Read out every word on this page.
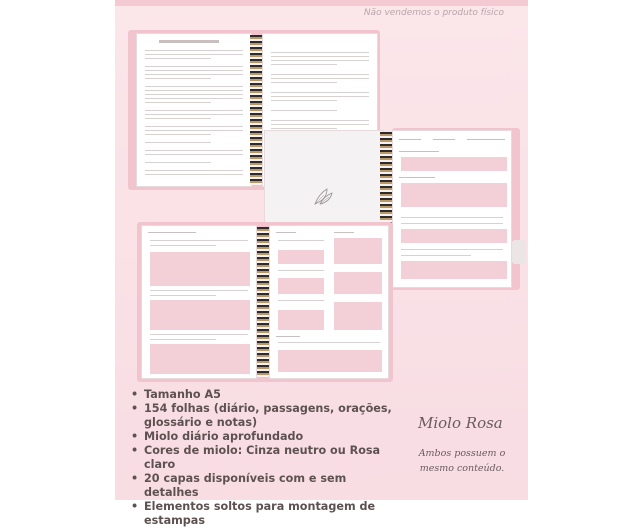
Não vendemos o produto físico
• Tamanho A5
• 154 folhas (diário, passagens, orações, glossário e notas)
• Miolo diário aprofundado
• Cores de miolo: Cinza neutro ou Rosa claro
• 20 capas disponíveis com e sem detalhes
• Elementos soltos para montagem de estampas
Miolo Rosa
Ambos possuem o mesmo conteúdo.
